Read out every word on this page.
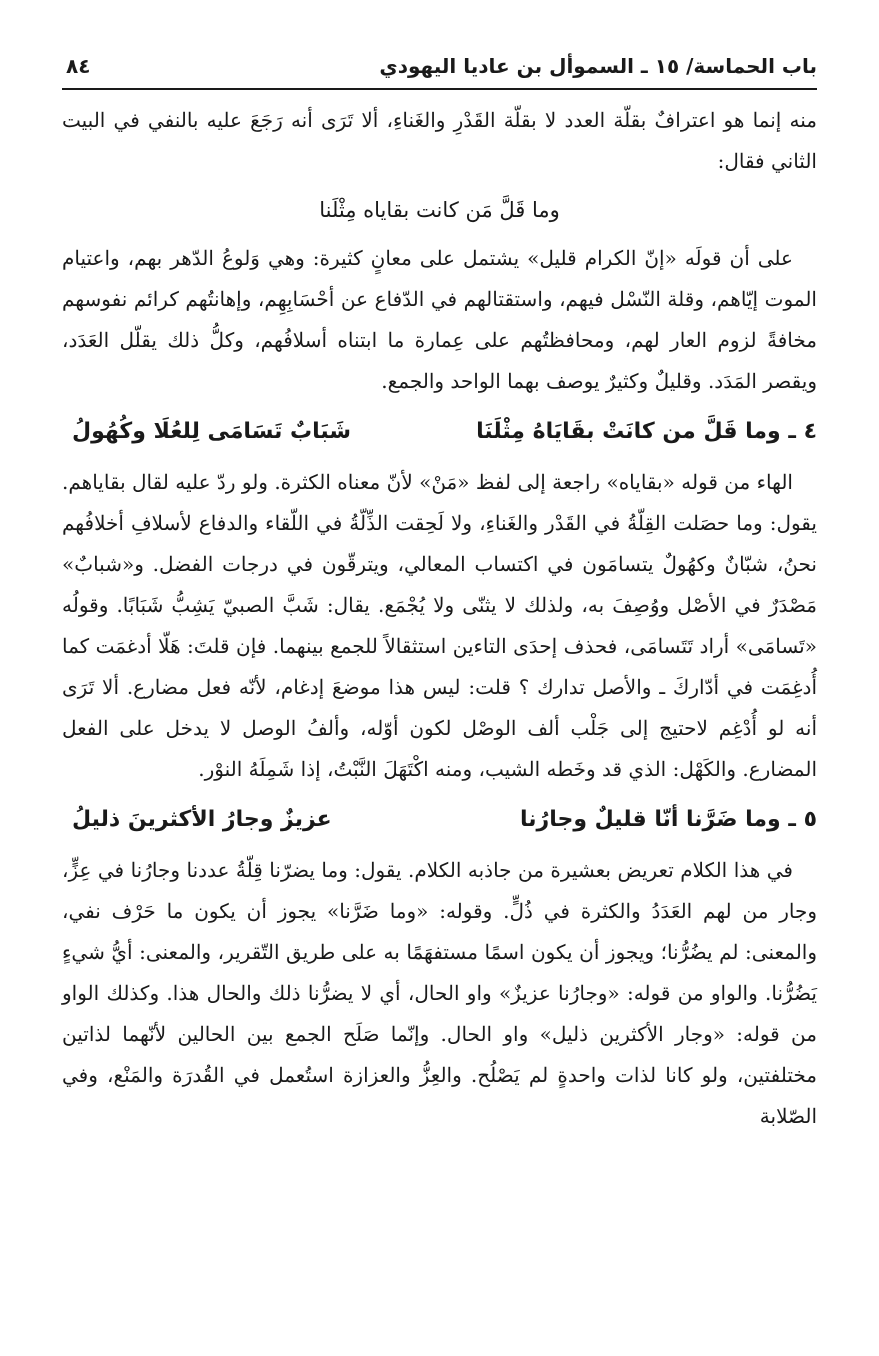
باب الحماسة/ ١٥ ـ السموأل بن عاديا اليهودي
٨٤

منه إنما هو اعترافٌ بقلّة العدد لا بقلّة القَدْرِ والغَناءِ، ألا تَرَى أنه رَجَعَ عليه بالنفي في البيت الثاني فقال:

وما قَلَّ مَن كانت بقاياه مِثْلَنا

على أن قولَه «إنّ الكرام قليل» يشتمل على معانٍ كثيرة: وهي وَلوعُ الدّهر بهم، واعتيام الموت إيّاهم، وقلة النّسْل فيهم، واستقتالهم في الدّفاع عن أحْسَابِهِم، وإهانتُهم كرائم نفوسهم مخافةً لزوم العار لهم، ومحافظتُهم على عِمارة ما ابتناه أسلافُهم، وكلُّ ذلك يقلّل العَدَد، ويقصر المَدَد. وقليلٌ وكثيرٌ يوصف بهما الواحد والجمع.

٤ ـ وما قَلَّ من كانَتْ بقَايَاهُ مِثْلَنَا
شَبَابٌ تَسَامَى لِلعُلَا وكُهُولُ

الهاء من قوله «بقاياه» راجعة إلى لفظ «مَنْ» لأنّ معناه الكثرة. ولو ردّ عليه لقال بقاياهم. يقول: وما حصَلت القِلّةُ في القَدْر والغَناءِ، ولا لَحِقت الذِّلّةُ في اللّقاء والدفاع لأسلافِ أخلافُهم نحنُ، شبّانٌ وكهُولٌ يتسامَون في اكتساب المعالي، ويترقّون في درجات الفضل. و«شبابٌ» مَصْدَرٌ في الأصْل ووُصِفَ به، ولذلك لا يثنّى ولا يُجْمَع. يقال: شَبَّ الصبيّ يَشِبُّ شَبَابًا. وقولُه «تَسامَى» أراد تَتَسامَى، فحذف إحدَى التاءين استثقالاً للجمع بينهما. فإن قلتَ: هَلّا أدغمَت كما أُدغِمَت في أدّاركَ ـ والأصل تدارك ؟ قلت: ليس هذا موضعَ إدغام، لأنّه فعل مضارع. ألا تَرَى أنه لو أُدْغِم لاحتيج إلى جَلْب ألف الوصْل لكون أوّله، وألفُ الوصل لا يدخل على الفعل المضارع. والكَهْل: الذي قد وخَطه الشيب، ومنه اكْتَهَلَ النَّبْتُ، إذا شَمِلَهُ النوْر.

٥ ـ وما ضَرَّنا أنّا قليلٌ وجارُنا
عزيزٌ وجارُ الأكثرينَ ذليلُ

في هذا الكلام تعريض بعشيرة من جاذبه الكلام. يقول: وما يضرّنا قِلّةُ عددنا وجارُنا في عِزٍّ، وجار من لهم العَدَدُ والكثرة في ذُلٍّ. وقوله: «وما ضَرَّنا» يجوز أن يكون ما حَرْف نفي، والمعنى: لم يضُرُّنا؛ ويجوز أن يكون اسمًا مستفهَمًا به على طريق التّقرير، والمعنى: أيُّ شيءٍ يَضُرُّنا. والواو من قوله: «وجارُنا عزيزٌ» واو الحال، أي لا يضرُّنا ذلك والحال هذا. وكذلك الواو من قوله: «وجار الأكثرين ذليل» واو الحال. وإنّما صَلَح الجمع بين الحالين لأنّهما لذاتين مختلفتين، ولو كانا لذات واحدةٍ لم يَصْلُح. والعِزُّ والعزازة استُعمل في القُدرَة والمَنْع، وفي الصّلابة
